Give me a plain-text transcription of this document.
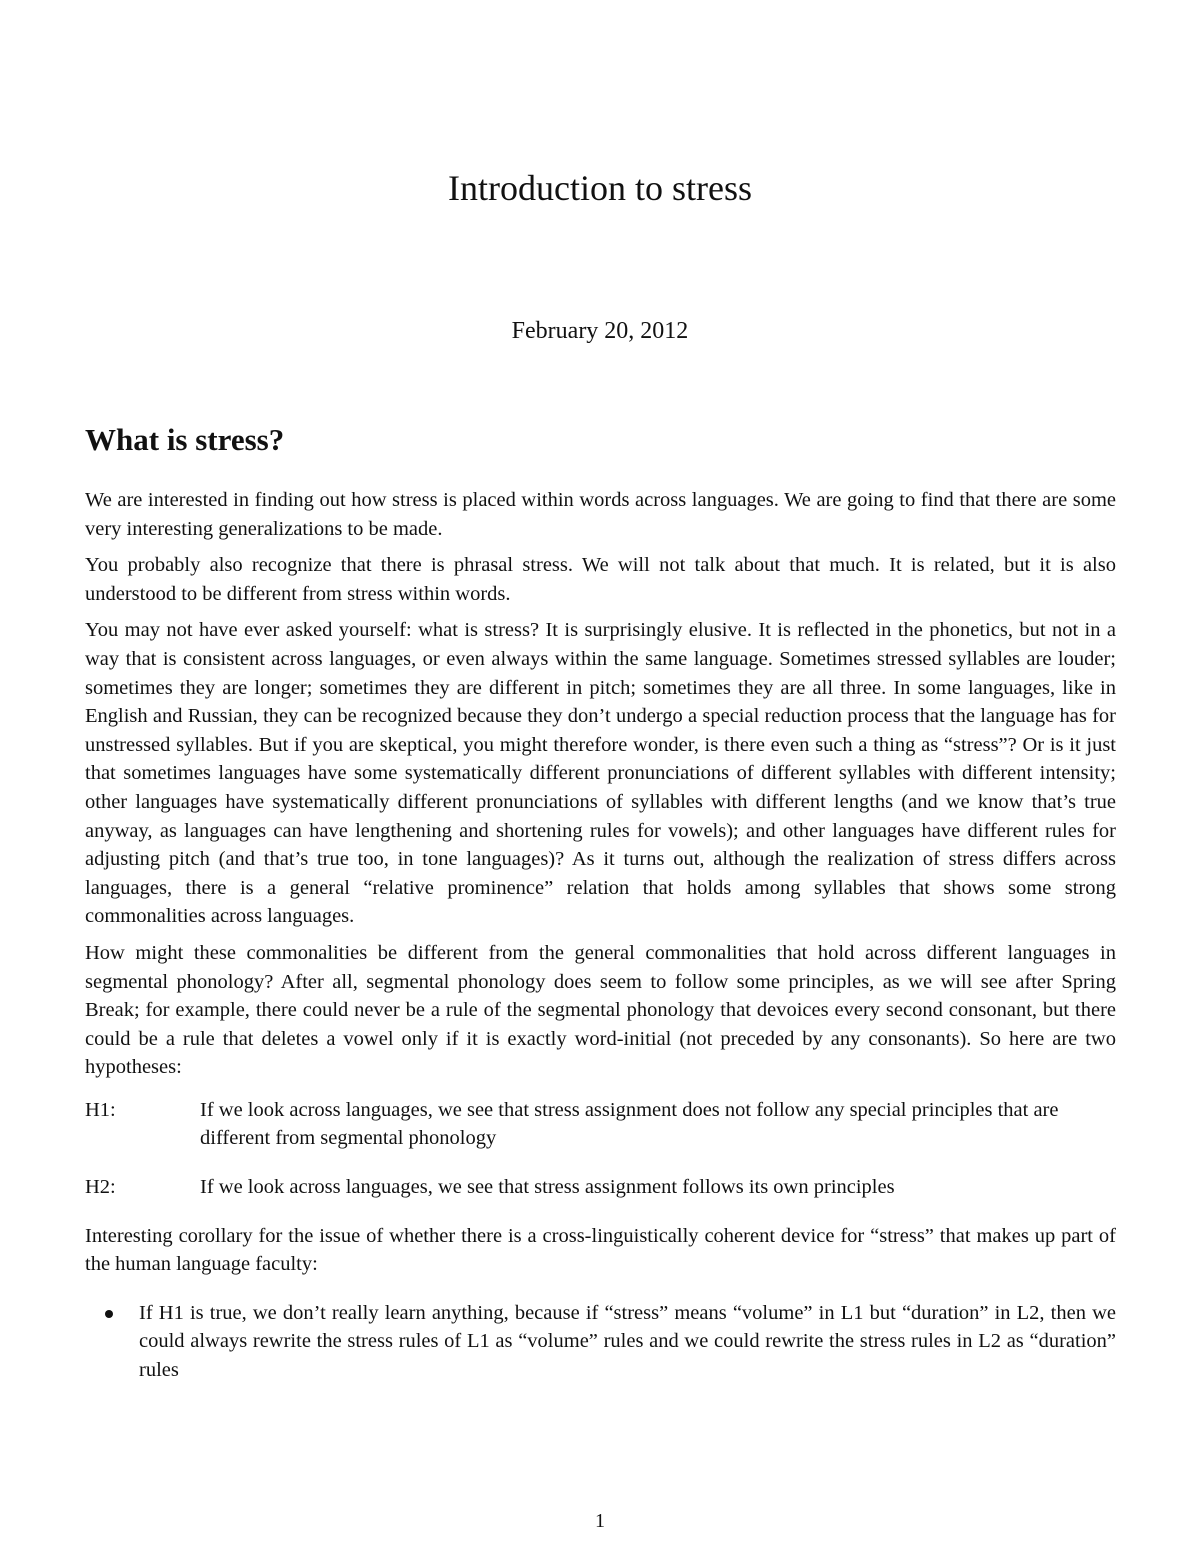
Introduction to stress

February 20, 2012

What is stress?

We are interested in finding out how stress is placed within words across languages. We are going to find that there are some very interesting generalizations to be made.

You probably also recognize that there is phrasal stress. We will not talk about that much. It is related, but it is also understood to be different from stress within words.

You may not have ever asked yourself: what is stress? It is surprisingly elusive. It is reflected in the phonetics, but not in a way that is consistent across languages, or even always within the same language. Sometimes stressed syllables are louder; sometimes they are longer; sometimes they are different in pitch; sometimes they are all three. In some languages, like in English and Russian, they can be recognized because they don’t undergo a special reduction process that the language has for unstressed syllables. But if you are skeptical, you might therefore wonder, is there even such a thing as “stress”? Or is it just that sometimes languages have some systematically different pronunciations of different syllables with different intensity; other languages have systematically different pronunciations of syllables with different lengths (and we know that’s true anyway, as languages can have lengthening and shortening rules for vowels); and other languages have different rules for adjusting pitch (and that’s true too, in tone languages)? As it turns out, although the realization of stress differs across languages, there is a general “relative prominence” relation that holds among syllables that shows some strong commonalities across languages.

How might these commonalities be different from the general commonalities that hold across different languages in segmental phonology? After all, segmental phonology does seem to follow some principles, as we will see after Spring Break; for example, there could never be a rule of the segmental phonology that devoices every second consonant, but there could be a rule that deletes a vowel only if it is exactly word-initial (not preceded by any consonants). So here are two hypotheses:

H1:	If we look across languages, we see that stress assignment does not follow any special principles that are different from segmental phonology
H2:	If we look across languages, we see that stress assignment follows its own principles

Interesting corollary for the issue of whether there is a cross-linguistically coherent device for “stress” that makes up part of the human language faculty:

If H1 is true, we don’t really learn anything, because if “stress” means “volume” in L1 but “duration” in L2, then we could always rewrite the stress rules of L1 as “volume” rules and we could rewrite the stress rules in L2 as “duration” rules

1
